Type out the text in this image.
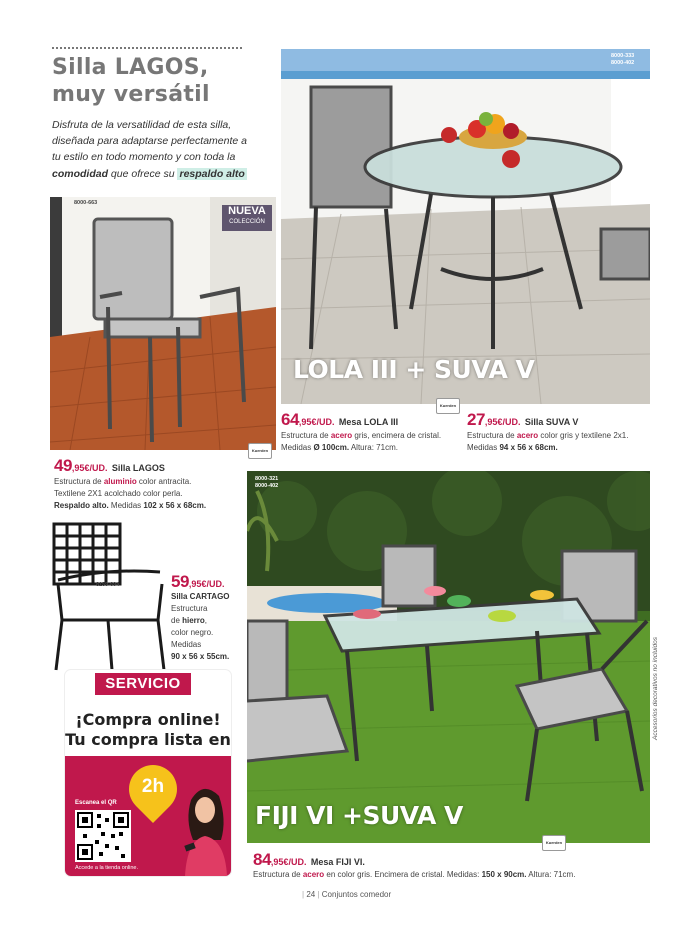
Silla LAGOS,
muy versátil
Disfruta de la versatilidad de esta silla, diseñada para adaptarse perfectamente a tu estilo en todo momento y con toda la comodidad que ofrece su respaldo alto
8000-663
NUEVA
COLECCIÓN
Kuerden
8000-333
8000-402
LOLA III + SUVA V
Kuerden
64,95€/UD. Mesa LOLA III
Estructura de acero gris, encimera de cristal.
Medidas Ø 100cm. Altura: 71cm.
27,95€/UD. Silla SUVA V
Estructura de acero color gris y textilene 2x1.
Medidas 94 x 56 x 68cm.
49,95€/UD. Silla LAGOS
Estructura de aluminio color antracita.
Textilene 2X1 acolchado color perla.
Respaldo alto. Medidas 102 x 56 x 68cm.
8159-694	59,95€/UD.
Silla CARTAGO
Estructura
de hierro,
color negro.
Medidas
90 x 56 x 55cm.
8000-321
8000-402
FIJI VI +SUVA V
Kuerden
84,95€/UD. Mesa FIJI VI.
Estructura de acero en color gris. Encimera de cristal. Medidas: 150 x 90cm. Altura: 71cm.
SERVICIO
¡Compra online!
Tu compra lista en
2h
Escanea el QR
Accede a la tienda online.
Accesorios decorativos no incluidos
| 24 | Conjuntos comedor
